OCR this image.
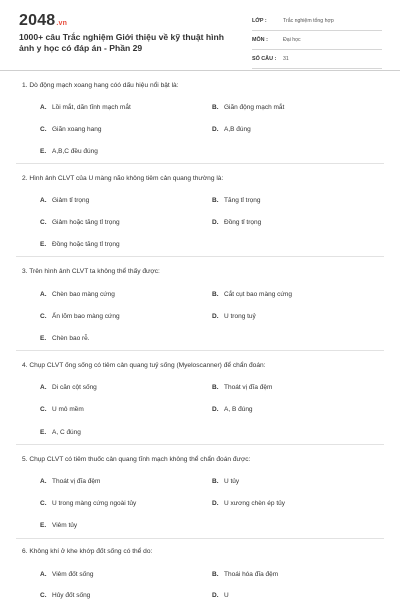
2048.vn
1000+ câu Trắc nghiệm Giới thiệu về kỹ thuật hình ảnh y học có đáp án - Phần 29
LỚP :	Trắc nghiệm tổng hợp
MÔN :	Đại học
SỐ CÂU : 31
1. Dò động mạch xoang hang cóó dấu hiệu nổi bật là:
A. Lồi mắt, dãn tĩnh mạch mắt	B. Giãn động mạch mắt
C. Giãn xoang hang	D. A,B đúng
E. A,B,C đều đúng
2. Hình ảnh CLVT của U màng não không tiêm cản quang thường là:
A. Giảm tỉ trọng	B. Tăng tỉ trọng
C. Giảm hoặc tăng tỉ trọng	D. Đồng tỉ trọng
E. Đồng hoặc tăng tỉ trọng
3. Trên hình ảnh CLVT ta không thể thấy được:
A. Chèn bao màng cứng	B. Cắt cụt bao màng cứng
C. Ấn lõm bao màng cứng	D. U trong tuỷ
E. Chèn bao rễ.
4. Chụp CLVT ống sống có tiêm cản quang tuỷ sống (Myeloscanner) để chẩn đoán:
A. Di căn cột sống	B. Thoát vị đĩa đệm
C. U mô mềm	D. A, B đúng
E. A, C đúng
5. Chụp CLVT có tiêm thuốc cản quang tĩnh mạch không thể chẩn đoán được:
A. Thoát vị đĩa đệm	B. U tủy
C. U trong màng cứng ngoài tủy	D. U xương chèn ép tủy
E. Viêm tủy
6. Không khí ở khe khớp đốt sống có thể do:
A. Viêm đốt sống	B. Thoái hóa đĩa đệm
C. Hủy đốt sống	D. U
